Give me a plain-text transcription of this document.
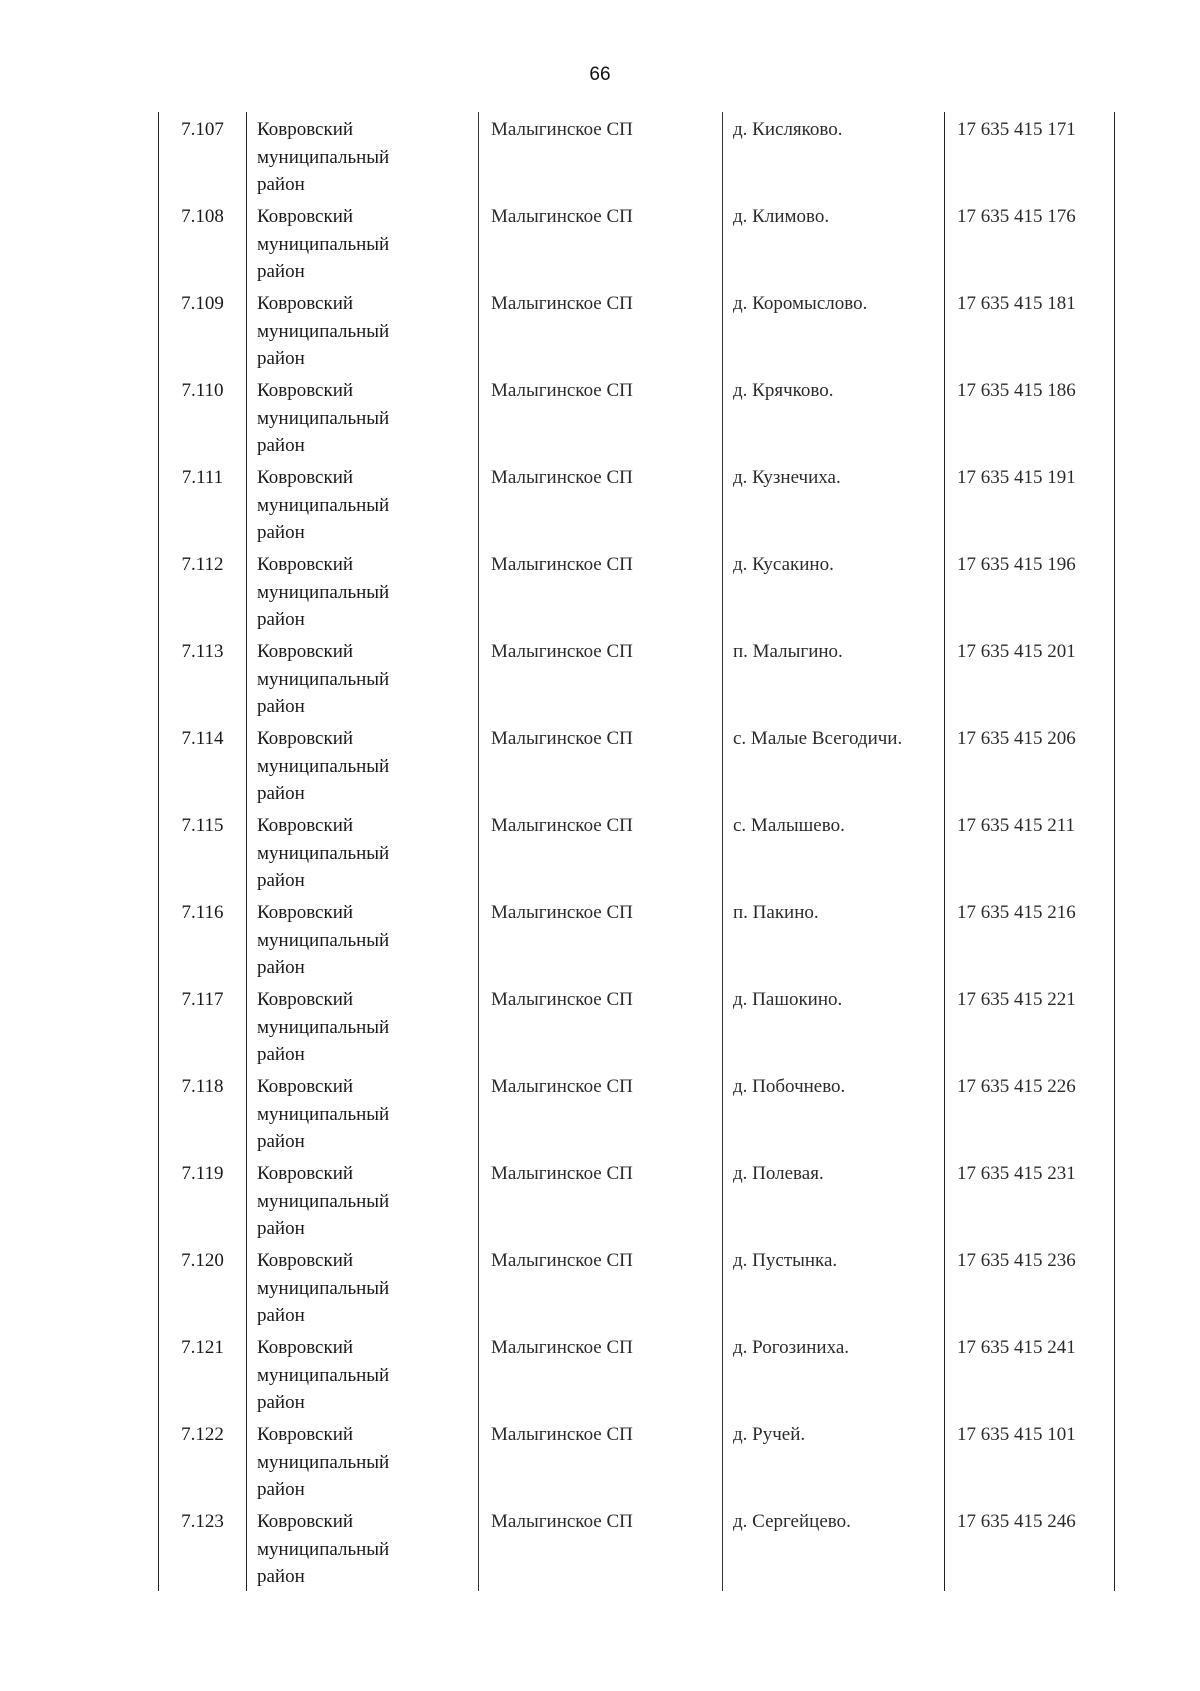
66
7.107	Ковровский
муниципальный
район	Малыгинское СП	д. Кисляково.	17 635 415 171
7.108	Ковровский
муниципальный
район	Малыгинское СП	д. Климово.	17 635 415 176
7.109	Ковровский
муниципальный
район	Малыгинское СП	д. Коромыслово.	17 635 415 181
7.110	Ковровский
муниципальный
район	Малыгинское СП	д. Крячково.	17 635 415 186
7.111	Ковровский
муниципальный
район	Малыгинское СП	д. Кузнечиха.	17 635 415 191
7.112	Ковровский
муниципальный
район	Малыгинское СП	д. Кусакино.	17 635 415 196
7.113	Ковровский
муниципальный
район	Малыгинское СП	п. Малыгино.	17 635 415 201
7.114	Ковровский
муниципальный
район	Малыгинское СП	с. Малые Всегодичи.	17 635 415 206
7.115	Ковровский
муниципальный
район	Малыгинское СП	с. Малышево.	17 635 415 211
7.116	Ковровский
муниципальный
район	Малыгинское СП	п. Пакино.	17 635 415 216
7.117	Ковровский
муниципальный
район	Малыгинское СП	д. Пашокино.	17 635 415 221
7.118	Ковровский
муниципальный
район	Малыгинское СП	д. Побочнево.	17 635 415 226
7.119	Ковровский
муниципальный
район	Малыгинское СП	д. Полевая.	17 635 415 231
7.120	Ковровский
муниципальный
район	Малыгинское СП	д. Пустынка.	17 635 415 236
7.121	Ковровский
муниципальный
район	Малыгинское СП	д. Рогозиниха.	17 635 415 241
7.122	Ковровский
муниципальный
район	Малыгинское СП	д. Ручей.	17 635 415 101
7.123	Ковровский
муниципальный
район	Малыгинское СП	д. Сергейцево.	17 635 415 246
